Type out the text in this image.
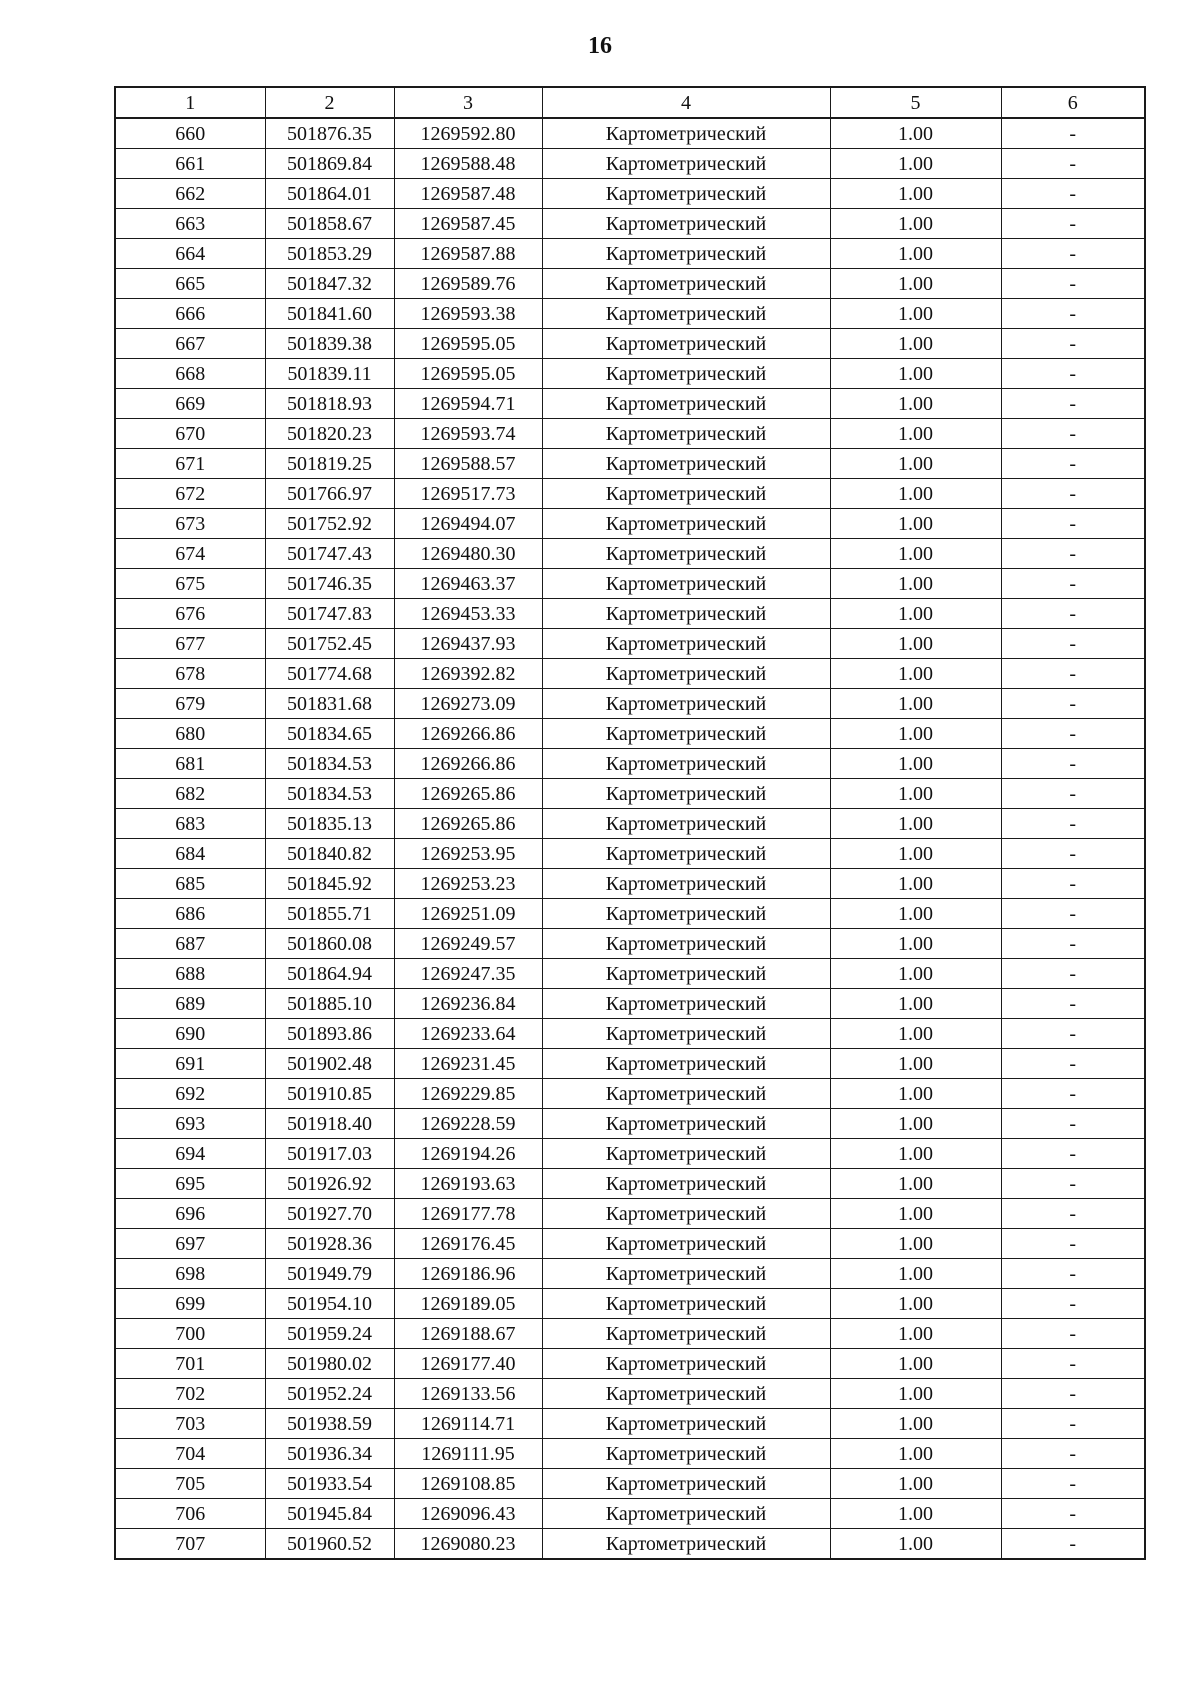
16
1	2	3	4	5	6
660	501876.35	1269592.80	Картометрический	1.00	-
661	501869.84	1269588.48	Картометрический	1.00	-
662	501864.01	1269587.48	Картометрический	1.00	-
663	501858.67	1269587.45	Картометрический	1.00	-
664	501853.29	1269587.88	Картометрический	1.00	-
665	501847.32	1269589.76	Картометрический	1.00	-
666	501841.60	1269593.38	Картометрический	1.00	-
667	501839.38	1269595.05	Картометрический	1.00	-
668	501839.11	1269595.05	Картометрический	1.00	-
669	501818.93	1269594.71	Картометрический	1.00	-
670	501820.23	1269593.74	Картометрический	1.00	-
671	501819.25	1269588.57	Картометрический	1.00	-
672	501766.97	1269517.73	Картометрический	1.00	-
673	501752.92	1269494.07	Картометрический	1.00	-
674	501747.43	1269480.30	Картометрический	1.00	-
675	501746.35	1269463.37	Картометрический	1.00	-
676	501747.83	1269453.33	Картометрический	1.00	-
677	501752.45	1269437.93	Картометрический	1.00	-
678	501774.68	1269392.82	Картометрический	1.00	-
679	501831.68	1269273.09	Картометрический	1.00	-
680	501834.65	1269266.86	Картометрический	1.00	-
681	501834.53	1269266.86	Картометрический	1.00	-
682	501834.53	1269265.86	Картометрический	1.00	-
683	501835.13	1269265.86	Картометрический	1.00	-
684	501840.82	1269253.95	Картометрический	1.00	-
685	501845.92	1269253.23	Картометрический	1.00	-
686	501855.71	1269251.09	Картометрический	1.00	-
687	501860.08	1269249.57	Картометрический	1.00	-
688	501864.94	1269247.35	Картометрический	1.00	-
689	501885.10	1269236.84	Картометрический	1.00	-
690	501893.86	1269233.64	Картометрический	1.00	-
691	501902.48	1269231.45	Картометрический	1.00	-
692	501910.85	1269229.85	Картометрический	1.00	-
693	501918.40	1269228.59	Картометрический	1.00	-
694	501917.03	1269194.26	Картометрический	1.00	-
695	501926.92	1269193.63	Картометрический	1.00	-
696	501927.70	1269177.78	Картометрический	1.00	-
697	501928.36	1269176.45	Картометрический	1.00	-
698	501949.79	1269186.96	Картометрический	1.00	-
699	501954.10	1269189.05	Картометрический	1.00	-
700	501959.24	1269188.67	Картометрический	1.00	-
701	501980.02	1269177.40	Картометрический	1.00	-
702	501952.24	1269133.56	Картометрический	1.00	-
703	501938.59	1269114.71	Картометрический	1.00	-
704	501936.34	1269111.95	Картометрический	1.00	-
705	501933.54	1269108.85	Картометрический	1.00	-
706	501945.84	1269096.43	Картометрический	1.00	-
707	501960.52	1269080.23	Картометрический	1.00	-
